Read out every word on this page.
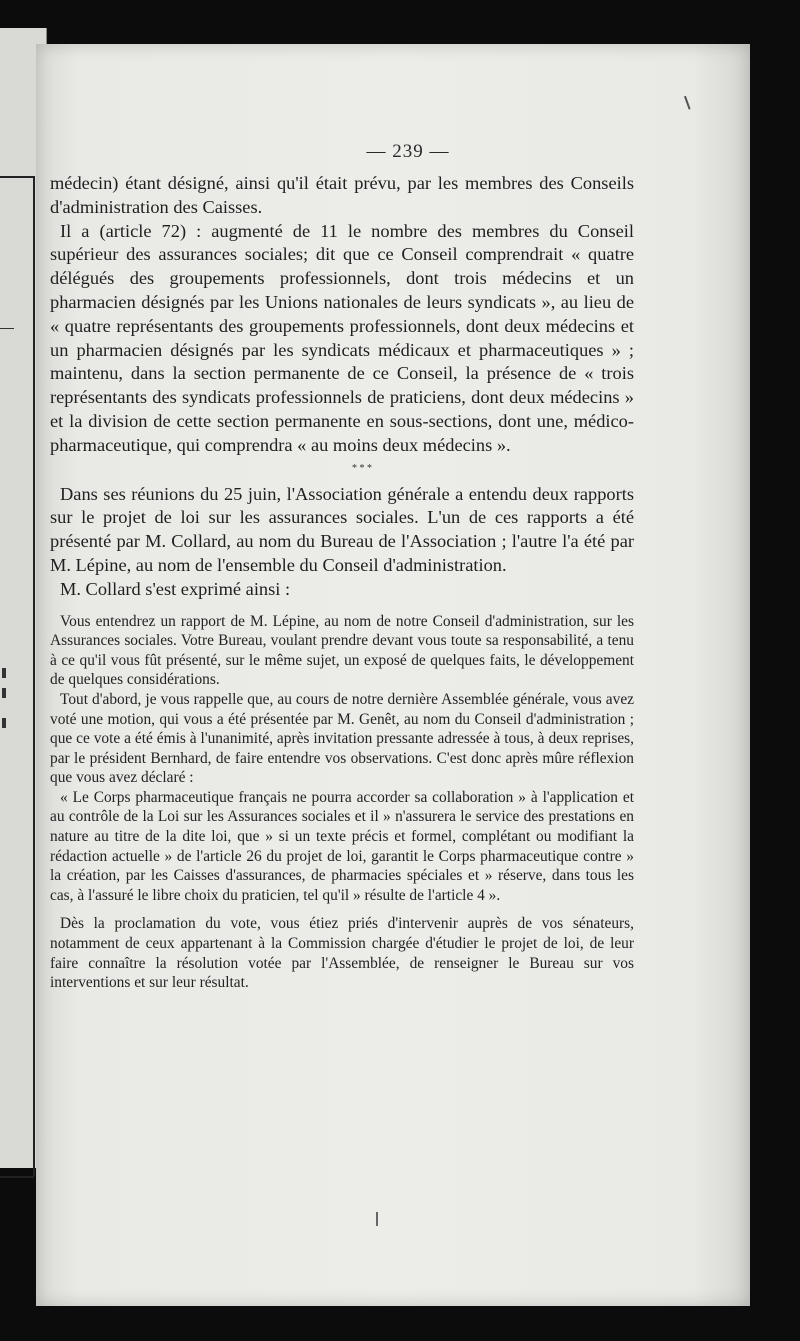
— 239 —

médecin) étant désigné, ainsi qu'il était prévu, par les membres des Conseils d'administration des Caisses.

Il a (article 72) : augmenté de 11 le nombre des membres du Conseil supérieur des assurances sociales; dit que ce Conseil comprendrait « quatre délégués des groupements professionnels, dont trois médecins et un pharmacien désignés par les Unions nationales de leurs syndicats », au lieu de « quatre représentants des groupements professionnels, dont deux médecins et un pharmacien désignés par les syndicats médicaux et pharmaceutiques » ; maintenu, dans la section permanente de ce Conseil, la présence de « trois représentants des syndicats professionnels de praticiens, dont deux médecins » et la division de cette section permanente en sous-sections, dont une, médico-pharmaceutique, qui comprendra « au moins deux médecins ».

* * *

Dans ses réunions du 25 juin, l'Association générale a entendu deux rapports sur le projet de loi sur les assurances sociales. L'un de ces rapports a été présenté par M. Collard, au nom du Bureau de l'Association ; l'autre l'a été par M. Lépine, au nom de l'ensemble du Conseil d'administration.

M. Collard s'est exprimé ainsi :

Vous entendrez un rapport de M. Lépine, au nom de notre Conseil d'administration, sur les Assurances sociales. Votre Bureau, voulant prendre devant vous toute sa responsabilité, a tenu à ce qu'il vous fût présenté, sur le même sujet, un exposé de quelques faits, le développement de quelques considérations.

Tout d'abord, je vous rappelle que, au cours de notre dernière Assemblée générale, vous avez voté une motion, qui vous a été présentée par M. Genêt, au nom du Conseil d'administration ; que ce vote a été émis à l'unanimité, après invitation pressante adressée à tous, à deux reprises, par le président Bernhard, de faire entendre vos observations. C'est donc après mûre réflexion que vous avez déclaré :

« Le Corps pharmaceutique français ne pourra accorder sa collaboration » à l'application et au contrôle de la Loi sur les Assurances sociales et il » n'assurera le service des prestations en nature au titre de la dite loi, que » si un texte précis et formel, complétant ou modifiant la rédaction actuelle » de l'article 26 du projet de loi, garantit le Corps pharmaceutique contre » la création, par les Caisses d'assurances, de pharmacies spéciales et » réserve, dans tous les cas, à l'assuré le libre choix du praticien, tel qu'il » résulte de l'article 4 ».

Dès la proclamation du vote, vous étiez priés d'intervenir auprès de vos sénateurs, notamment de ceux appartenant à la Commission chargée d'étudier le projet de loi, de leur faire connaître la résolution votée par l'Assemblée, de renseigner le Bureau sur vos interventions et sur leur résultat.
